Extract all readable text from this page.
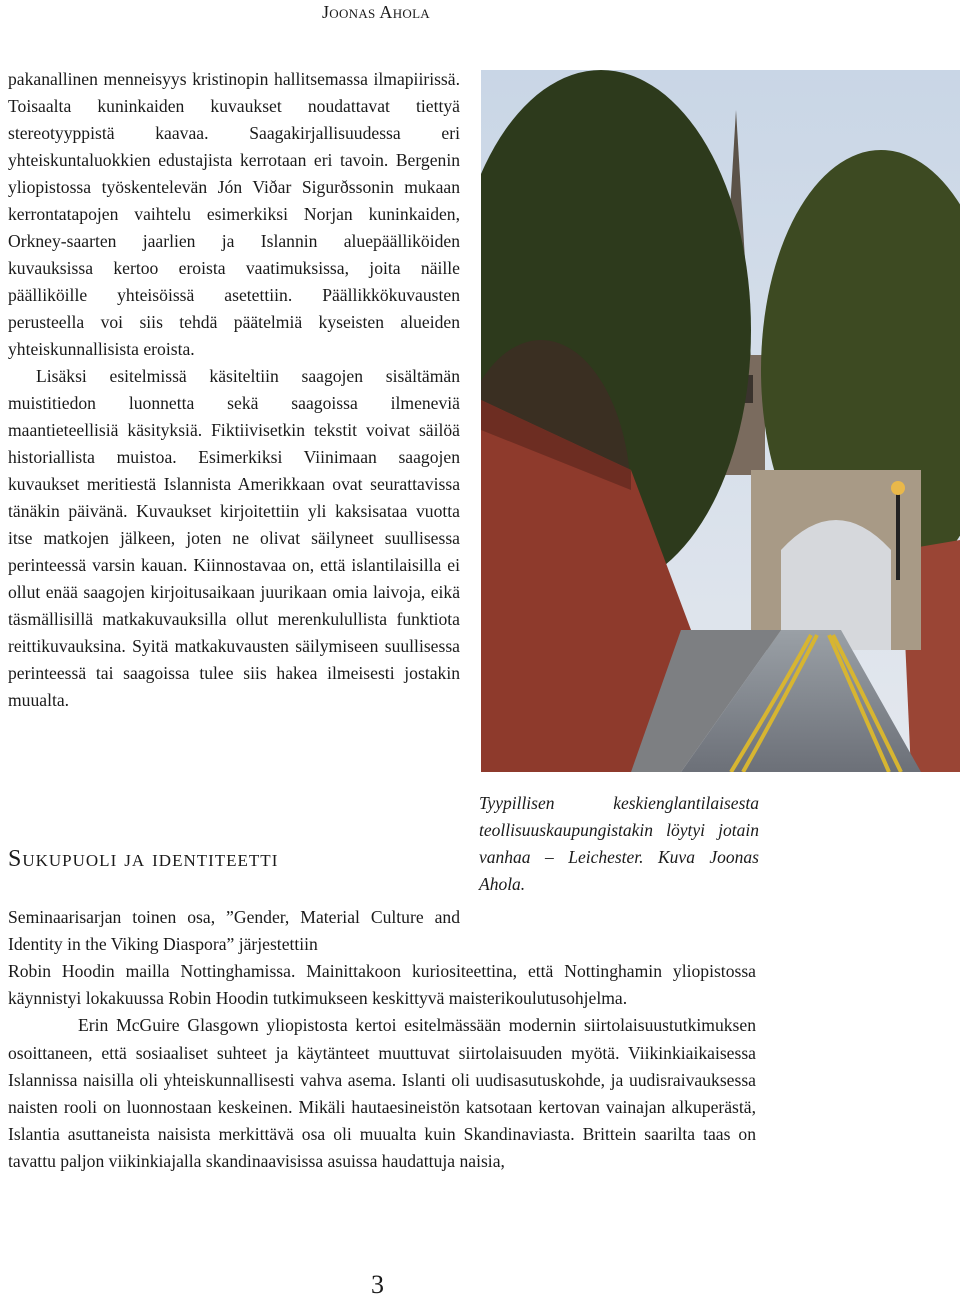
Joonas Ahola

pakanallinen menneisyys kristinopin hallitsemassa ilmapiirissä. Toisaalta kuninkaiden kuvaukset noudattavat tiettyä stereotyyppistä kaavaa. Saagakirjallisuudessa eri yhteiskuntaluokkien edustajista kerrotaan eri tavoin. Bergenin yliopistossa työskentelevän Jón Viðar Sigurðssonin mukaan kerrontatapojen vaihtelu esimerkiksi Norjan kuninkaiden, Orkney-saarten jaarlien ja Islannin aluepäälliköiden kuvauksissa kertoo eroista vaatimuksissa, joita näille päälliköille yhteisöissä asetettiin. Päällikkökuvausten perusteella voi siis tehdä päätelmiä kyseisten alueiden yhteiskunnallisista eroista.

Lisäksi esitelmissä käsiteltiin saagojen sisältämän muistitiedon luonnetta sekä saagoissa ilmeneviä maantieteellisiä käsityksiä. Fiktiivisetkin tekstit voivat säilöä historiallista muistoa. Esimerkiksi Viinimaan saagojen kuvaukset meritiestä Islannista Amerikkaan ovat seurattavissa tänäkin päivänä. Kuvaukset kirjoitettiin yli kaksisataa vuotta itse matkojen jälkeen, joten ne olivat säilyneet suullisessa perinteessä varsin kauan. Kiinnostavaa on, että islantilaisilla ei ollut enää saagojen kirjoitusaikaan juurikaan omia laivoja, eikä täsmällisillä matkakuvauksilla ollut merenkulullista funktiota reittikuvauksina. Syitä matkakuvausten säilymiseen suullisessa perinteessä tai saagoissa tulee siis hakea ilmeisesti jostakin muualta.

Tyypillisen keskienglantilaisesta teollisuuskaupungistakin löytyi jotain vanhaa – Leichester. Kuva Joonas Ahola.
Sukupuoli ja identiteetti

Seminaarisarjan toinen osa, ”Gender, Material Culture and Identity in the Viking Diaspora” järjestettiin

Robin Hoodin mailla Nottinghamissa. Mainittakoon kuriositeettina, että Nottinghamin yliopistossa käynnistyi lokakuussa Robin Hoodin tutkimukseen keskittyvä maisterikoulutusohjelma.

Erin McGuire Glasgown yliopistosta kertoi esitelmässään modernin siirtolaisuustutkimuksen osoittaneen, että sosiaaliset suhteet ja käytänteet muuttuvat siirtolaisuuden myötä. Viikinkiaikaisessa Islannissa naisilla oli yhteiskunnallisesti vahva asema. Islanti oli uudisasutuskohde, ja uudisraivauksessa naisten rooli on luonnostaan keskeinen. Mikäli hautaesineistön katsotaan kertovan vainajan alkuperästä, Islantia asuttaneista naisista merkittävä osa oli muualta kuin Skandinaviasta. Brittein saarilta taas on tavattu paljon viikinkiajalla skandinaavisissa asuissa haudattuja naisia,

3
